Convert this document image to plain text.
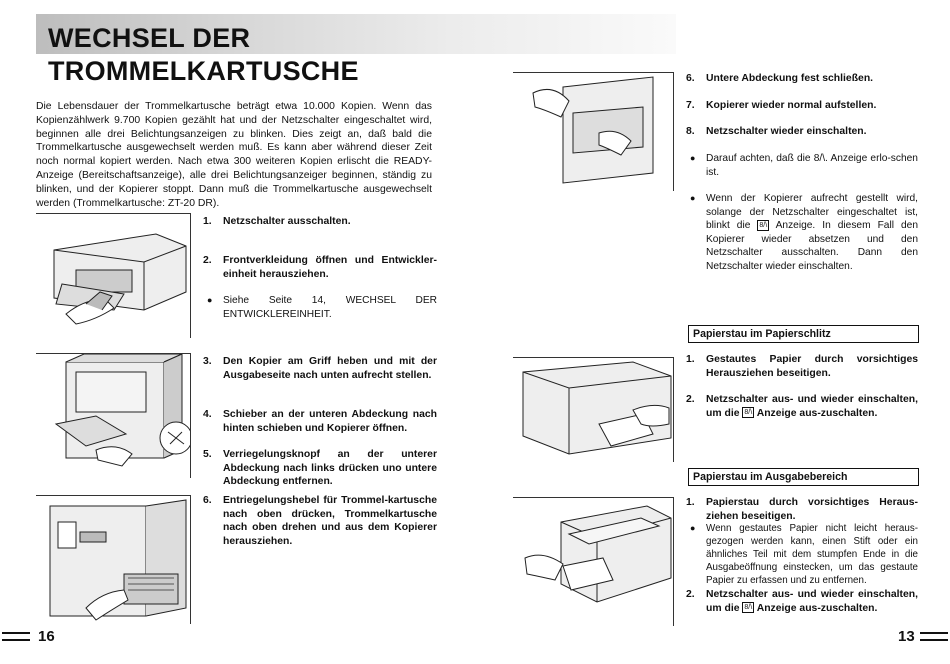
WECHSEL DER
TROMMELKARTUSCHE
Die Lebensdauer der Trommelkartusche beträgt etwa 10.000 Kopien. Wenn das Kopienzählwerk 9.700 Kopien gezählt hat und der Netzschalter eingeschaltet wird, beginnen alle drei Belichtungsanzeigen zu blinken. Dies zeigt an, daß bald die Trommelkartusche ausgewechselt werden muß. Es kann aber während dieser Zeit noch normal kopiert werden. Nach etwa 300 weiteren Kopien erlischt die READY-Anzeige (Bereitschaftsanzeige), alle drei Belichtungsanzeiger beginnen, ständig zu blinken, und der Kopierer stoppt. Dann muß die Trommelkartusche ausgewechselt werden (Trommelkartusche: ZT-20 DR).
1. Netzschalter ausschalten.
2. Frontverkleidung öffnen und Entwickler-einheit herausziehen.
● Siehe Seite 14, WECHSEL DER ENTWICKLEREINHEIT.
3. Den Kopier am Griff heben und mit der Ausgabeseite nach unten aufrecht stellen.
4. Schieber an der unteren Abdeckung nach hinten schieben und Kopierer öffnen.
5. Verriegelungsknopf an der unterer Abdeckung nach links drücken uno untere Abdeckung entfernen.
6. Entriegelungshebel für Trommel-kartusche nach oben drücken, Trommelkartusche nach oben drehen und aus dem Kopierer herausziehen.
16
6. Untere Abdeckung fest schließen.
7. Kopierer wieder normal aufstellen.
8. Netzschalter wieder einschalten.
● Darauf achten, daß die 8/\. Anzeige erlo-schen ist.
● Wenn der Kopierer aufrecht gestellt wird, solange der Netzschalter eingeschaltet ist, blinkt die 8/\ Anzeige. In diesem Fall den Kopierer wieder absetzen und den Netzschalter ausschalten. Dann den Netzschalter wieder einschalten.
Papierstau im Papierschlitz
1. Gestautes Papier durch vorsichtiges Herausziehen beseitigen.
2. Netzschalter aus- und wieder einschalten, um die 8/\ Anzeige aus-zuschalten.
Papierstau im Ausgabebereich
1. Papierstau durch vorsichtiges Heraus-ziehen beseitigen.
● Wenn gestautes Papier nicht leicht heraus-gezogen werden kann, einen Stift oder ein ähnliches Teil mit dem stumpfen Ende in die Ausgabeöffnung einstecken, um das gestaute Papier zu erfassen und zu entfernen.
2. Netzschalter aus- und wieder einschalten, um die 8/\ Anzeige aus-zuschalten.
13
